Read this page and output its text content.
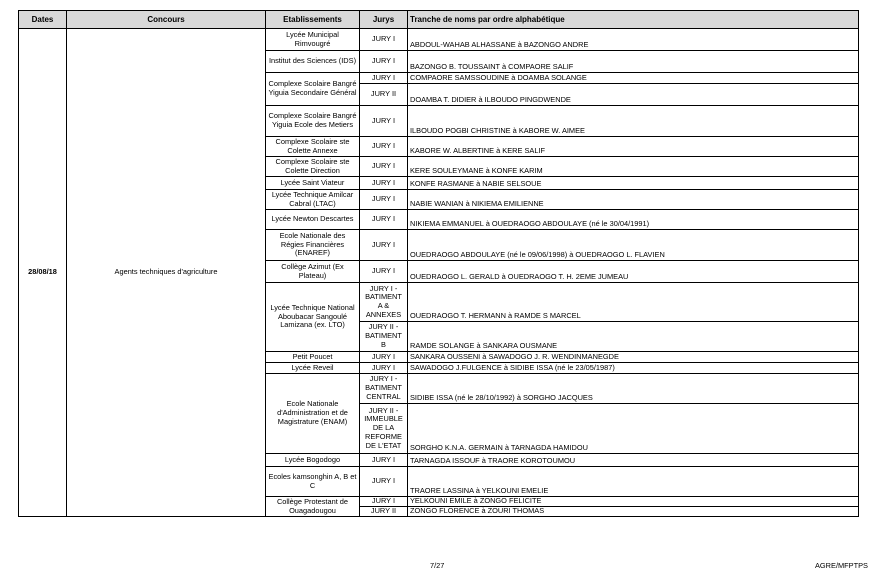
Dates	Concours	Etablissements	Jurys	Tranche de noms par ordre alphabétique
28/08/18	Agents techniques d'agriculture	Lycée Municipal Rimvougré	JURY I	ABDOUL-WAHAB ALHASSANE à BAZONGO ANDRE
		Institut des Sciences (IDS)	JURY I	BAZONGO B. TOUSSAINT à COMPAORE SALIF
		Complexe Scolaire Bangré Yiguia Secondaire Général	JURY I	COMPAORE SAMSSOUDINE à DOAMBA SOLANGE
			JURY II	DOAMBA T. DIDIER à ILBOUDO PINGDWENDE
		Complexe Scolaire Bangré Yiguia Ecole des Metiers	JURY I	ILBOUDO POGBI CHRISTINE à KABORE W. AIMEE
		Complexe Scolaire ste Colette Annexe	JURY I	KABORE W. ALBERTINE à KERE SALIF
		Complexe Scolaire ste Colette Direction	JURY I	KERE SOULEYMANE à KONFE KARIM
		Lycée Saint Viateur	JURY I	KONFE RASMANE à NABIE SELSOUE
		Lycée Technique Amilcar Cabral (LTAC)	JURY I	NABIE WANIAN à NIKIEMA EMILIENNE
		Lycée Newton Descartes	JURY I	NIKIEMA EMMANUEL à OUEDRAOGO ABDOULAYE (né le 30/04/1991)
		Ecole Nationale des Régies Financières (ENAREF)	JURY I	OUEDRAOGO ABDOULAYE (né le 09/06/1998) à OUEDRAOGO L. FLAVIEN
		Collège Azimut (Ex Plateau)	JURY I	OUEDRAOGO L. GERALD à OUEDRAOGO T. H. 2EME JUMEAU
		Lycée Technique National Aboubacar Sangoulé Lamizana (ex. LTO)	JURY I - BATIMENT A & ANNEXES	OUEDRAOGO T. HERMANN à RAMDE S MARCEL
			JURY II - BATIMENT B	RAMDE SOLANGE à SANKARA OUSMANE
		Petit Poucet	JURY I	SANKARA OUSSENI à SAWADOGO J. R. WENDINMANEGDE
		Lycée Reveil	JURY I	SAWADOGO J.FULGENCE à SIDIBE ISSA (né le 23/05/1987)
		Ecole Nationale d'Administration et de Magistrature (ENAM)	JURY I - BATIMENT CENTRAL	SIDIBE ISSA (né le 28/10/1992) à SORGHO JACQUES
			JURY II - IMMEUBLE DE LA REFORME DE L'ETAT	SORGHO K.N.A. GERMAIN à TARNAGDA HAMIDOU
		Lycée Bogodogo	JURY I	TARNAGDA ISSOUF à TRAORE KOROTOUMOU
		Ecoles kamsonghin A, B et C	JURY I	TRAORE LASSINA à YELKOUNI EMELIE
		Collège Protestant de Ouagadougou	JURY I	YELKOUNI EMILE à ZONGO FELICITE
			JURY II	ZONGO FLORENCE à ZOURI THOMAS
7/27	AGRE/MFPTPS
